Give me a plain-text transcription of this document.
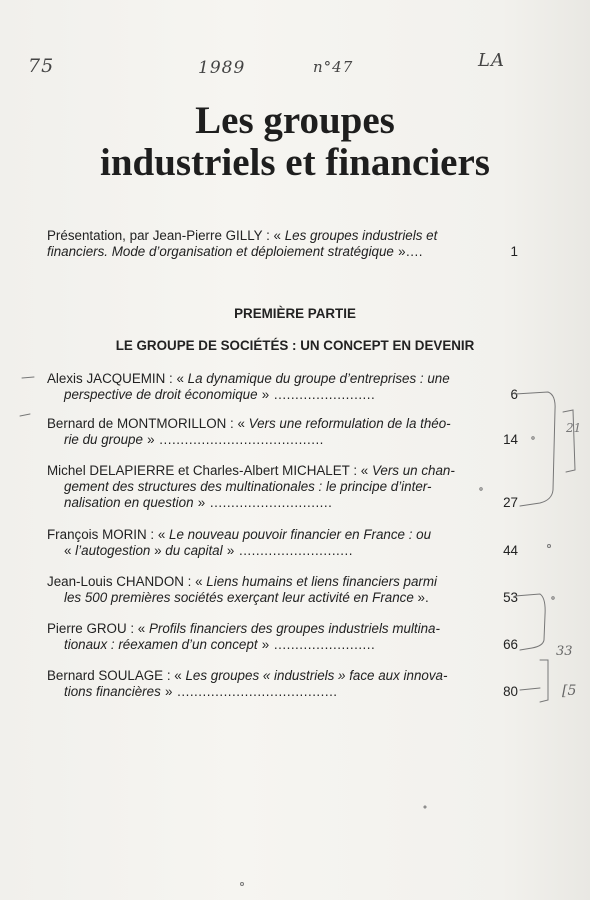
75	1989	n°47	LA
Les groupes
industriels et financiers
Présentation, par Jean-Pierre GILLY : « Les groupes industriels et
financiers. Mode d’organisation et déploiement stratégique »....	1
PREMIÈRE PARTIE
LE GROUPE DE SOCIÉTÉS : UN CONCEPT EN DEVENIR
Alexis JACQUEMIN : « La dynamique du groupe d’entreprises : une
perspective de droit économique » ........................	6
Bernard de MONTMORILLON : « Vers une reformulation de la théo-
rie du groupe » .......................................	14
Michel DELAPIERRE et Charles-Albert MICHALET : « Vers un chan-
gement des structures des multinationales : le principe d’inter-
nalisation en question » .............................	27
François MORIN : « Le nouveau pouvoir financier en France : ou
« l’autogestion » du capital » ...........................	44
Jean-Louis CHANDON : « Liens humains et liens financiers parmi
les 500 premières sociétés exerçant leur activité en France ».	53
Pierre GROU : « Profils financiers des groupes industriels multina-
tionaux : réexamen d’un concept » ........................	66
Bernard SOULAGE : « Les groupes « industriels » face aux innova-
tions financières » ......................................	80
21
33
[5
